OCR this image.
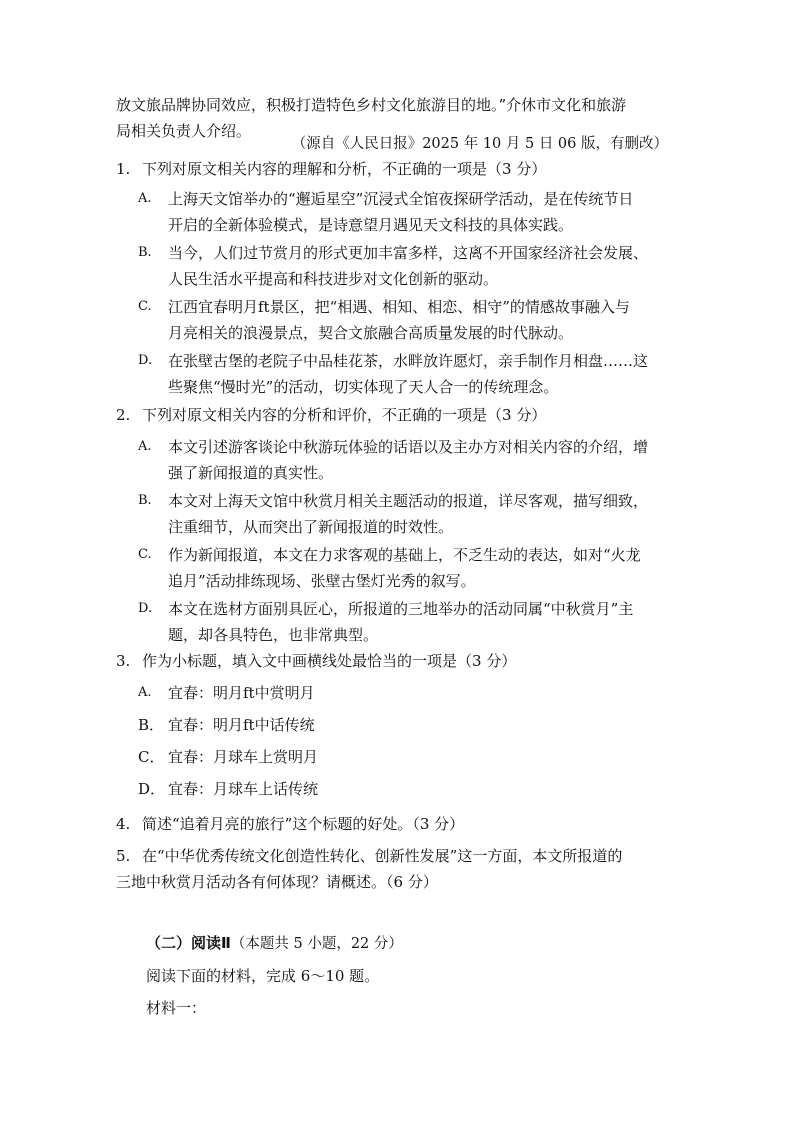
放文旅品牌协同效应，积极打造特色乡村文化旅游目的地。”介休市文化和旅游

局相关负责人介绍。

（源自《人民日报》2025 年 10 月 5 日 06 版，有删改）
1. 下列对原文相关内容的理解和分析，不正确的一项是（3 分）
A.	上海天文馆举办的“邂逅星空”沉浸式全馆夜探研学活动，是在传统节日
开启的全新体验模式，是诗意望月遇见天文科技的具体实践。
B.	当今，人们过节赏月的形式更加丰富多样，这离不开国家经济社会发展、
人民生活水平提高和科技进步对文化创新的驱动。
C.	江西宜春明月ft景区，把“相遇、相知、相恋、相守”的情感故事融入与
月亮相关的浪漫景点，契合文旅融合高质量发展的时代脉动。
D.	在张壁古堡的老院子中品桂花茶，水畔放许愿灯，亲手制作月相盘……这
些聚焦“慢时光”的活动，切实体现了天人合一的传统理念。
2. 下列对原文相关内容的分析和评价，不正确的一项是（3 分）
A.	本文引述游客谈论中秋游玩体验的话语以及主办方对相关内容的介绍，增
强了新闻报道的真实性。
B.	本文对上海天文馆中秋赏月相关主题活动的报道，详尽客观，描写细致，
注重细节，从而突出了新闻报道的时效性。
C.	作为新闻报道，本文在力求客观的基础上，不乏生动的表达，如对“火龙
追月”活动排练现场、张壁古堡灯光秀的叙写。
D.	本文在选材方面别具匠心，所报道的三地举办的活动同属“中秋赏月”主
题，却各具特色，也非常典型。
3. 作为小标题，填入文中画横线处最恰当的一项是（3 分）
A.	宜春：明月ft中赏明月
B． 宜春：明月ft中话传统
C． 宜春：月球车上赏明月
D． 宜春：月球车上话传统
4. 简述“追着月亮的旅行”这个标题的好处。（3 分）
5. 在“中华优秀传统文化创造性转化、创新性发展”这一方面，本文所报道的
三地中秋赏月活动各有何体现？请概述。（6 分）
（二）阅读Ⅱ（本题共 5 小题，22 分）
阅读下面的材料，完成 6～10 题。
材料一：
